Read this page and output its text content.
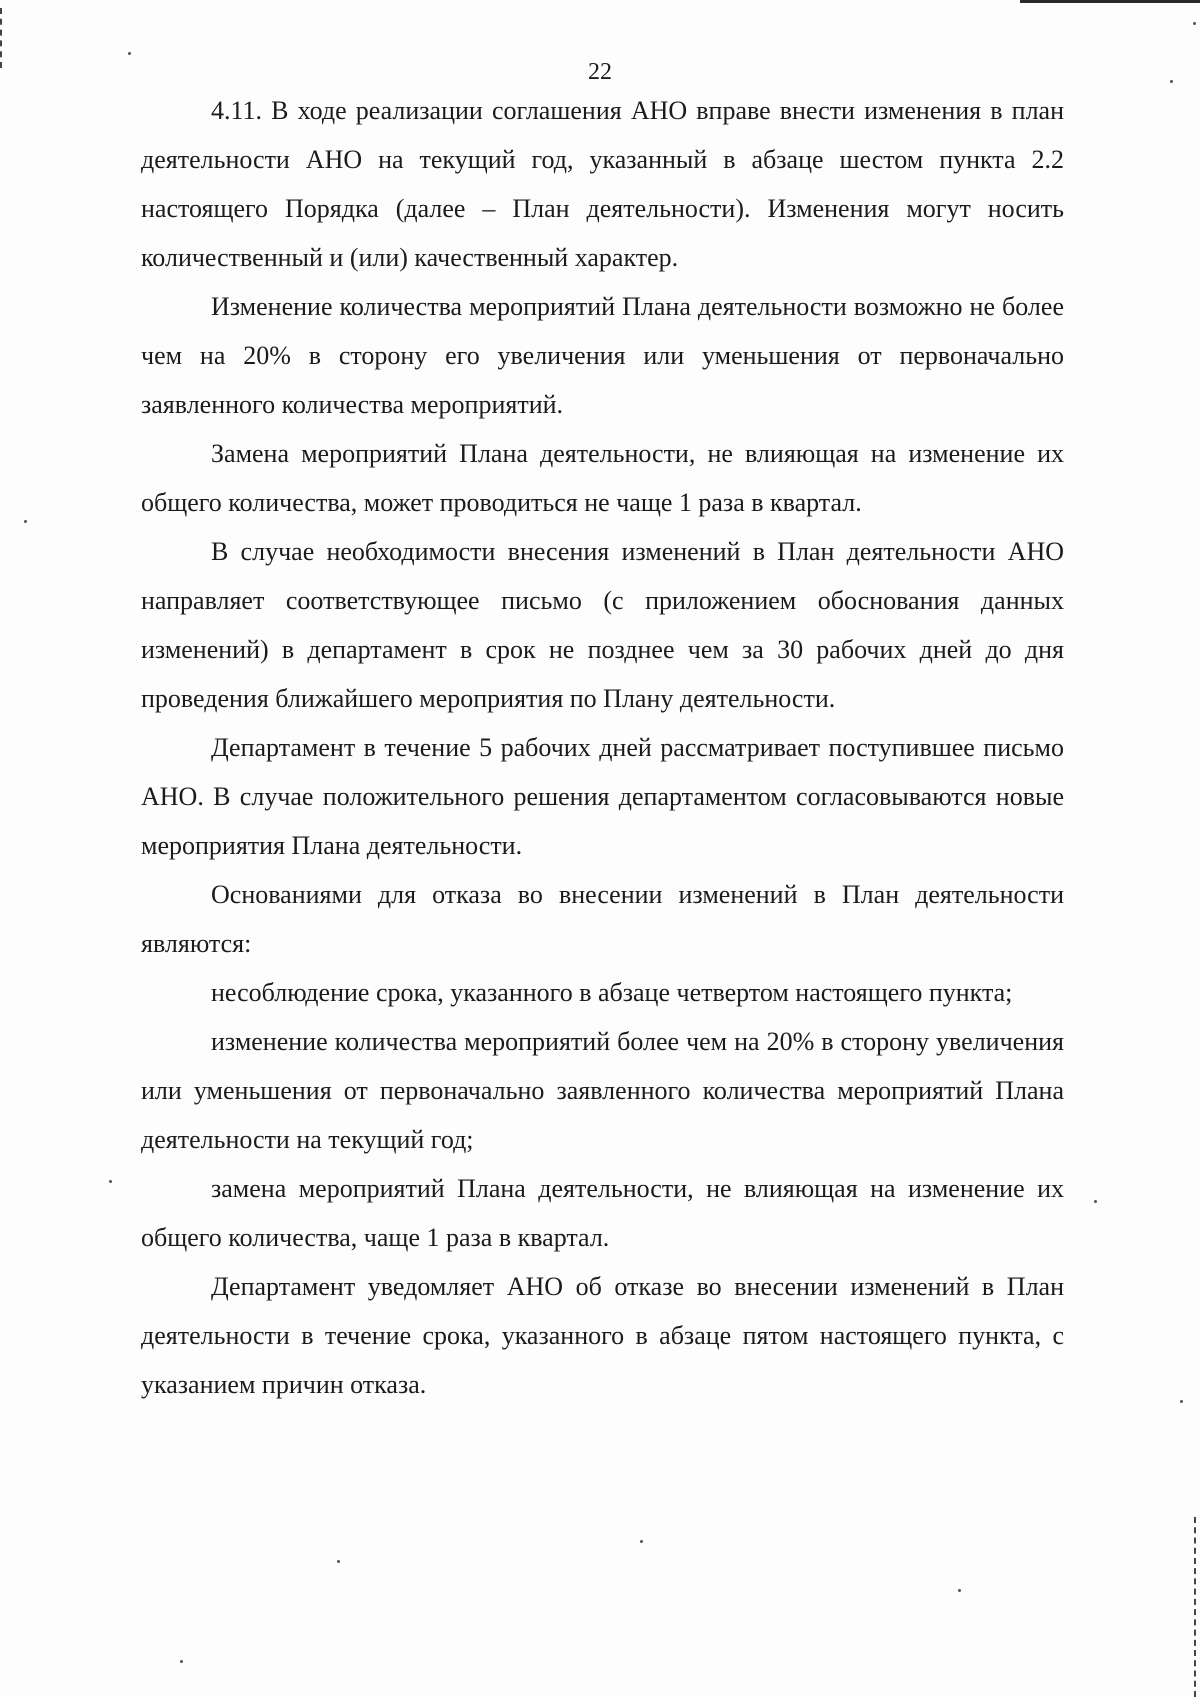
22

4.11. В ходе реализации соглашения АНО вправе внести изменения в план деятельности АНО на текущий год, указанный в абзаце шестом пункта 2.2 настоящего Порядка (далее – План деятельности). Изменения могут носить количественный и (или) качественный характер.

Изменение количества мероприятий Плана деятельности возможно не более чем на 20% в сторону его увеличения или уменьшения от первоначально заявленного количества мероприятий.

Замена мероприятий Плана деятельности, не влияющая на изменение их общего количества, может проводиться не чаще 1 раза в квартал.

В случае необходимости внесения изменений в План деятельности АНО направляет соответствующее письмо (с приложением обоснования данных изменений) в департамент в срок не позднее чем за 30 рабочих дней до дня проведения ближайшего мероприятия по Плану деятельности.

Департамент в течение 5 рабочих дней рассматривает поступившее письмо АНО. В случае положительного решения департаментом согласовываются новые мероприятия Плана деятельности.

Основаниями для отказа во внесении изменений в План деятельности являются:

несоблюдение срока, указанного в абзаце четвертом настоящего пункта;

изменение количества мероприятий более чем на 20% в сторону увеличения или уменьшения от первоначально заявленного количества мероприятий Плана деятельности на текущий год;

замена мероприятий Плана деятельности, не влияющая на изменение их общего количества, чаще 1 раза в квартал.

Департамент уведомляет АНО об отказе во внесении изменений в План деятельности в течение срока, указанного в абзаце пятом настоящего пункта, с указанием причин отказа.
